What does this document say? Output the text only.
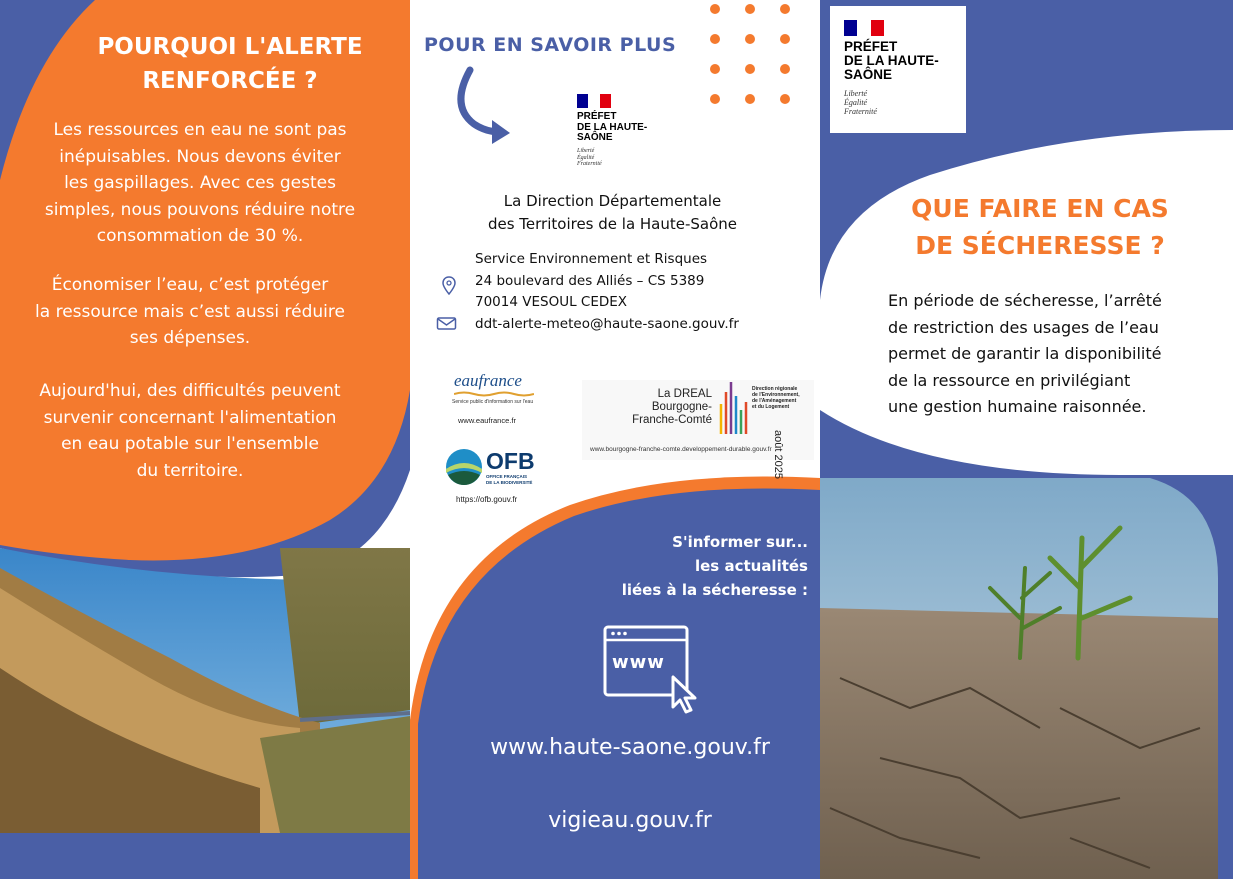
POURQUOI L'ALERTE
RENFORCÉE ?
Les ressources en eau ne sont pas
inépuisables. Nous devons éviter
les gaspillages. Avec ces gestes
simples, nous pouvons réduire notre
consommation de 30 %.
Économiser l’eau, c’est protéger
la ressource mais c’est aussi réduire
ses dépenses.
Aujourd'hui, des difficultés peuvent
survenir concernant l'alimentation
en eau potable sur l'ensemble
du territoire.
POUR EN SAVOIR PLUS
PRÉFET
DE LA HAUTE-
SAÔNE
Liberté
Égalité
Fraternité
La Direction Départementale
des Territoires de la Haute-Saône
Service Environnement et Risques
24 boulevard des Alliés – CS 5389
70014 VESOUL CEDEX
ddt-alerte-meteo@haute-saone.gouv.fr
eaufrance
Service public d'information sur l'eau
www.eaufrance.fr
OFB
OFFICE FRANÇAIS
DE LA BIODIVERSITÉ
https://ofb.gouv.fr
La DREAL
Bourgogne-
Franche-Comté
Direction régionale
de l'Environnement,
de l'Aménagement
et du Logement
www.bourgogne-franche-comte.developpement-durable.gouv.fr août 2025
S'informer sur...
les actualités
liées à la sécheresse :
www
www.haute-saone.gouv.fr
vigieau.gouv.fr
PRÉFET
DE LA HAUTE-
SAÔNE
Liberté
Égalité
Fraternité
QUE FAIRE EN CAS
DE SÉCHERESSE ?
En période de sécheresse, l’arrêté
de restriction des usages de l’eau
permet de garantir la disponibilité
de la ressource en privilégiant
une gestion humaine raisonnée.
